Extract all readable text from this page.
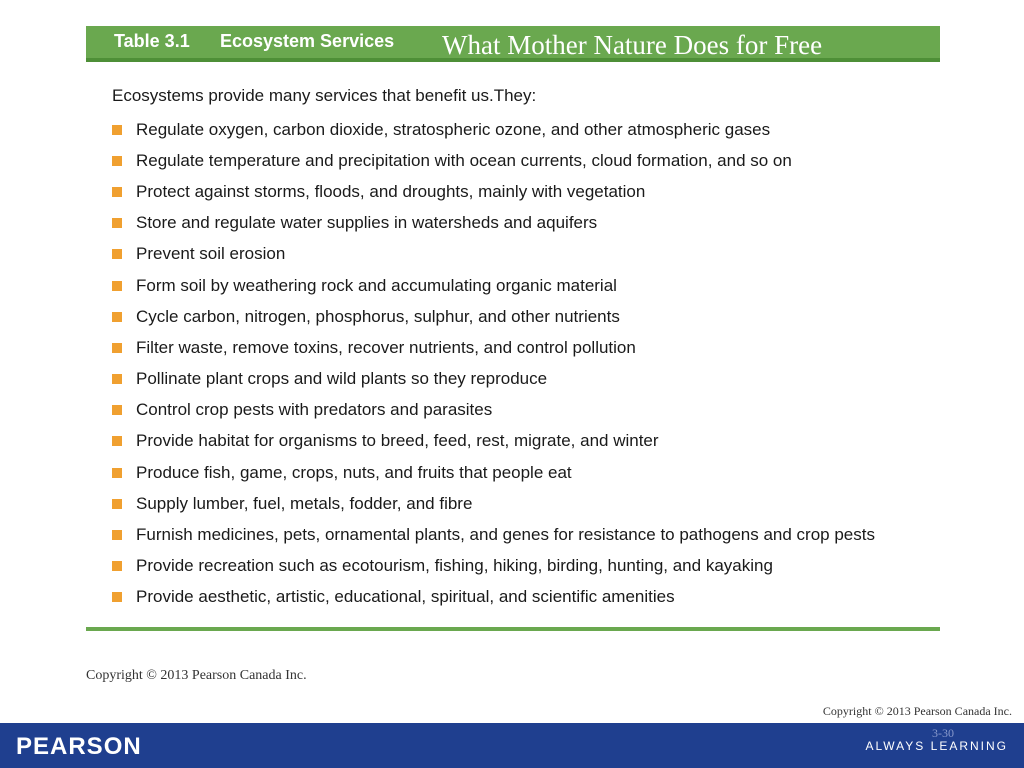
Table 3.1 Ecosystem Services What Mother Nature Does for Free
Ecosystems provide many services that benefit us.They:
Regulate oxygen, carbon dioxide, stratospheric ozone, and other atmospheric gases
Regulate temperature and precipitation with ocean currents, cloud formation, and so on
Protect against storms, floods, and droughts, mainly with vegetation
Store and regulate water supplies in watersheds and aquifers
Prevent soil erosion
Form soil by weathering rock and accumulating organic material
Cycle carbon, nitrogen, phosphorus, sulphur, and other nutrients
Filter waste, remove toxins, recover nutrients, and control pollution
Pollinate plant crops and wild plants so they reproduce
Control crop pests with predators and parasites
Provide habitat for organisms to breed, feed, rest, migrate, and winter
Produce fish, game, crops, nuts, and fruits that people eat
Supply lumber, fuel, metals, fodder, and fibre
Furnish medicines, pets, ornamental plants, and genes for resistance to pathogens and crop pests
Provide recreation such as ecotourism, fishing, hiking, birding, hunting, and kayaking
Provide aesthetic, artistic, educational, spiritual, and scientific amenities
Copyright © 2013 Pearson Canada Inc.
Copyright © 2013 Pearson Canada Inc.
PEARSON	3-30
ALWAYS LEARNING
